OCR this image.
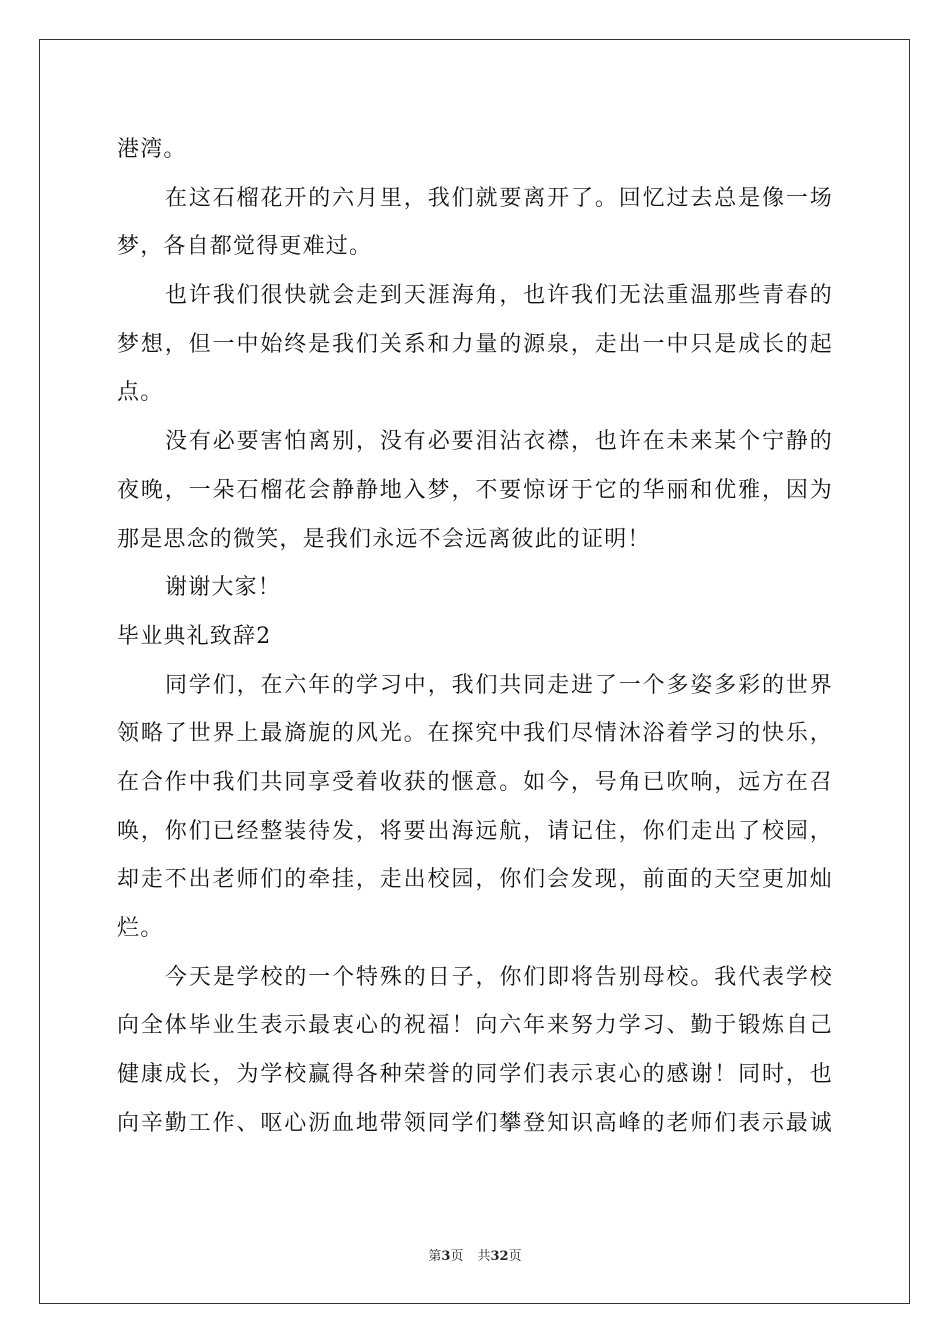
港湾。
在这石榴花开的六月里，我们就要离开了。回忆过去总是像一场
梦，各自都觉得更难过。
也许我们很快就会走到天涯海角，也许我们无法重温那些青春的
梦想，但一中始终是我们关系和力量的源泉，走出一中只是成长的起
点。
没有必要害怕离别，没有必要泪沾衣襟，也许在未来某个宁静的
夜晚，一朵石榴花会静静地入梦，不要惊讶于它的华丽和优雅，因为
那是思念的微笑，是我们永远不会远离彼此的证明！
谢谢大家！
毕业典礼致辞2
同学们，在六年的学习中，我们共同走进了一个多姿多彩的世界
领略了世界上最旖旎的风光。在探究中我们尽情沐浴着学习的快乐，
在合作中我们共同享受着收获的惬意。如今，号角已吹响，远方在召
唤，你们已经整装待发，将要出海远航，请记住，你们走出了校园，
却走不出老师们的牵挂，走出校园，你们会发现，前面的天空更加灿
烂。
今天是学校的一个特殊的日子，你们即将告别母校。我代表学校
向全体毕业生表示最衷心的祝福！向六年来努力学习、勤于锻炼自己
健康成长，为学校赢得各种荣誉的同学们表示衷心的感谢！同时，也
向辛勤工作、呕心沥血地带领同学们攀登知识高峰的老师们表示最诚
第3页 共32页
